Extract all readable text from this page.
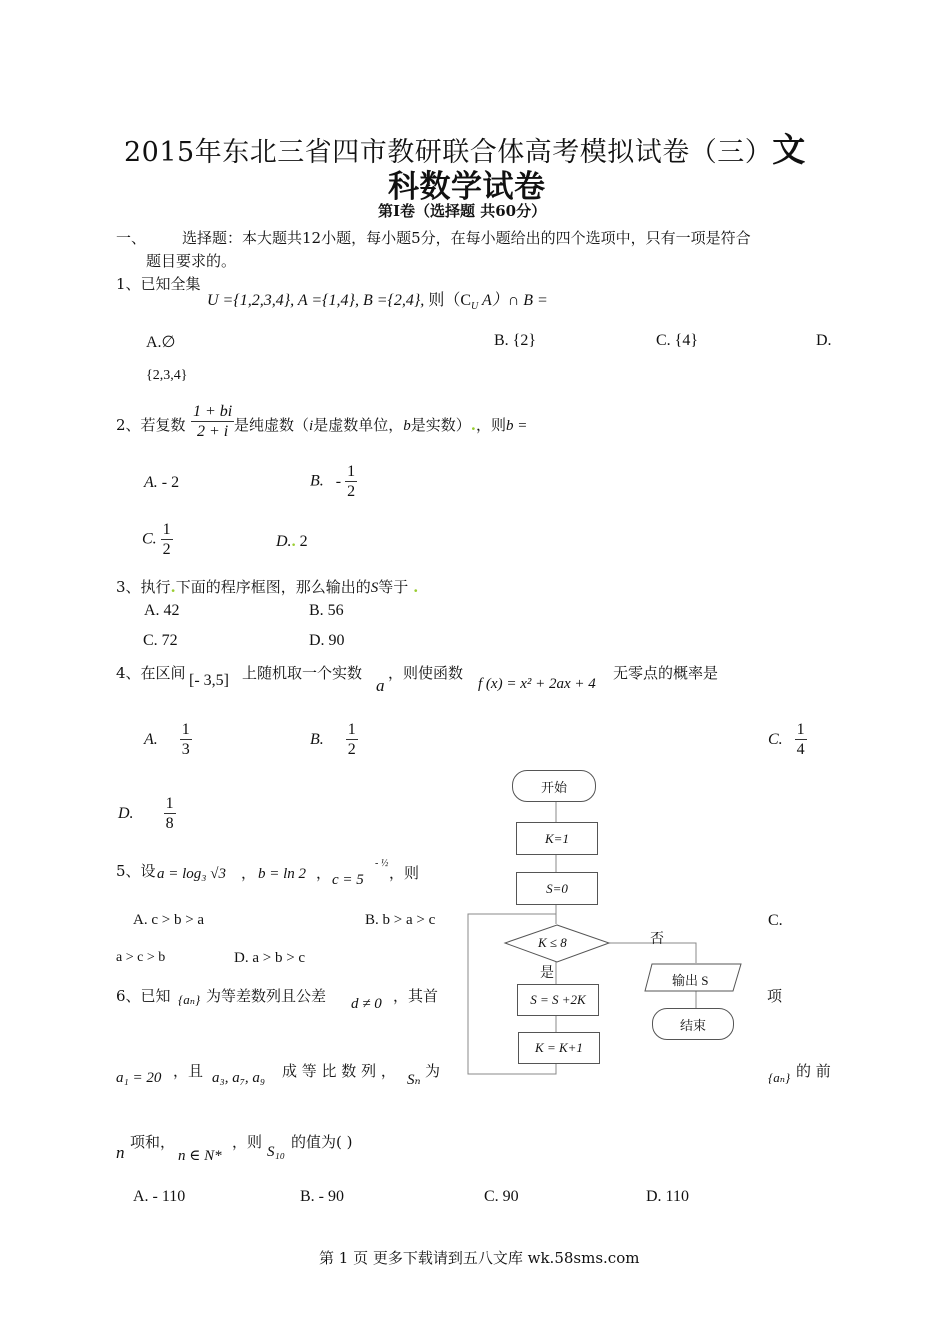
2015年东北三省四市教研联合体高考模拟试卷（三）文
科数学试卷
第Ⅰ卷（选择题 共60分）
一、 选择题：本大题共12小题，每小题5分，在每小题给出的四个选项中，只有一项是符合
题目要求的。
1、已知全集
U ={1,2,3,4}, A ={1,4}, B ={2,4}, 则（$C_U$ A）∩ B =
A.∅	B. {2}	C. {4}	D.
{2,3,4}
2、若复数 $\frac{1 + bi}{2 + i}$ 是纯虚数（i是虚数单位，b是实数）.，则b =
A. - 2	B. - $\frac{1}{2}$
C. $\frac{1}{2}$	D.. 2
3、执行.下面的程序框图，那么输出的S等于 .
A. 42	B. 56
C. 72	D. 90
4、在区间 [- 3,5] 上随机取一个实数
a
，则使函数
f (x) = x² + 2ax + 4
无零点的概率是
A. $\frac{1}{3}$	B. $\frac{1}{2}$	C. $\frac{1}{4}$
D. $\frac{1}{8}$
5、设 a = log₃ √3 ， b = ln 2 ， c = 5
- ½
，则
A. c > b > a	B. b > a > c	C.
a > c > b	D. a > b > c
6、已知 {aₙ} 为等差数列且公差 d ≠ 0 ，其首	项
a₁ = 20 ，且 a₃, a₇, a₉ 成 等 比 数 列 ， Sₙ 为	{aₙ} 的 前
n
项和，
n ∈ N*
，则
S₁₀
的值为( )
A. - 110	B. - 90	C. 90	D. 110
开始
K=1
S=0
K ≤ 8	否
是	输出 S
S = S +2K
结束
K = K+1
第 1 页 更多下载请到五八文库 wk.58sms.com
